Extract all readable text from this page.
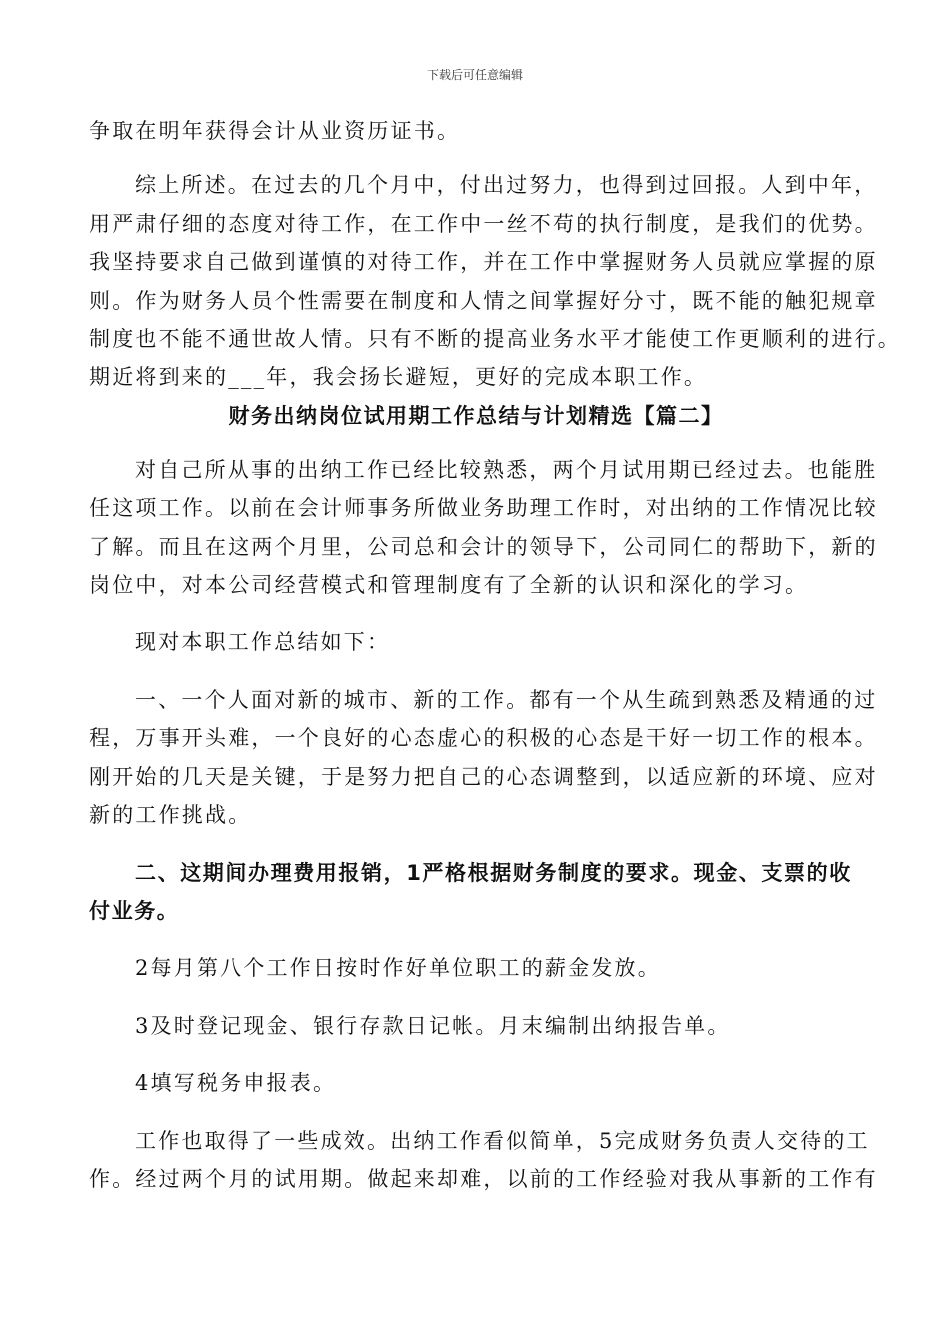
下载后可任意编辑

争取在明年获得会计从业资历证书。

综上所述。在过去的几个月中，付出过努力，也得到过回报。人到中年，
用严肃仔细的态度对待工作，在工作中一丝不苟的执行制度，是我们的优势。
我坚持要求自己做到谨慎的对待工作，并在工作中掌握财务人员就应掌握的原
则。作为财务人员个性需要在制度和人情之间掌握好分寸，既不能的触犯规章
制度也不能不通世故人情。只有不断的提高业务水平才能使工作更顺利的进行。
期近将到来的___年，我会扬长避短，更好的完成本职工作。

财务出纳岗位试用期工作总结与计划精选【篇二】

对自己所从事的出纳工作已经比较熟悉，两个月试用期已经过去。也能胜
任这项工作。以前在会计师事务所做业务助理工作时，对出纳的工作情况比较
了解。而且在这两个月里，公司总和会计的领导下，公司同仁的帮助下，新的
岗位中，对本公司经营模式和管理制度有了全新的认识和深化的学习。

现对本职工作总结如下：

一、一个人面对新的城市、新的工作。都有一个从生疏到熟悉及精通的过
程，万事开头难，一个良好的心态虚心的积极的心态是干好一切工作的根本。
刚开始的几天是关键，于是努力把自己的心态调整到，以适应新的环境、应对
新的工作挑战。

二、这期间办理费用报销，1严格根据财务制度的要求。现金、支票的收
付业务。

2每月第八个工作日按时作好单位职工的薪金发放。

3及时登记现金、银行存款日记帐。月末编制出纳报告单。

4填写税务申报表。

工作也取得了一些成效。出纳工作看似简单，5完成财务负责人交待的工
作。经过两个月的试用期。做起来却难，以前的工作经验对我从事新的工作有
